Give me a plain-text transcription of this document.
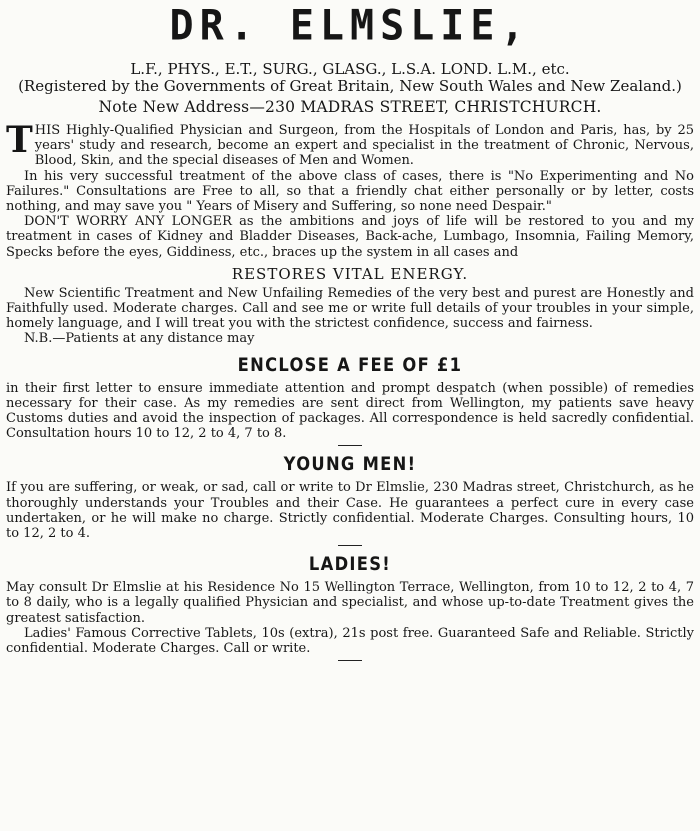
DR. ELMSLIE,
L.F., PHYS., E.T., SURG., GLASG., L.S.A. LOND. L.M., etc.
(Registered by the Governments of Great Britain, New South Wales and New Zealand.)
Note New Address—230 MADRAS STREET, CHRISTCHURCH.

THIS Highly-Qualified Physician and Surgeon, from the Hospitals of London and Paris, has, by 25 years' study and research, become an expert and specialist in the treatment of Chronic, Nervous, Blood, Skin, and the special diseases of Men and Women.

In his very successful treatment of the above class of cases, there is "No Experimenting and No Failures." Consultations are Free to all, so that a friendly chat either personally or by letter, costs nothing, and may save you " Years of Misery and Suffering, so none need Despair."

DON'T WORRY ANY LONGER as the ambitions and joys of life will be restored to you and my treatment in cases of Kidney and Bladder Diseases, Back-ache, Lumbago, Insomnia, Failing Memory, Specks before the eyes, Giddiness, etc., braces up the system in all cases and

RESTORES VITAL ENERGY.

New Scientific Treatment and New Unfailing Remedies of the very best and purest are Honestly and Faithfully used. Moderate charges. Call and see me or write full details of your troubles in your simple, homely language, and I will treat you with the strictest confidence, success and fairness.

N.B.—Patients at any distance may

ENCLOSE A FEE OF £1

in their first letter to ensure immediate attention and prompt despatch (when possible) of remedies necessary for their case. As my remedies are sent direct from Wellington, my patients save heavy Customs duties and avoid the inspection of packages. All correspondence is held sacredly confidential. Consultation hours 10 to 12, 2 to 4, 7 to 8.

YOUNG MEN!

If you are suffering, or weak, or sad, call or write to Dr Elmslie, 230 Madras street, Christchurch, as he thoroughly understands your Troubles and their Case. He guarantees a perfect cure in every case undertaken, or he will make no charge. Strictly confidential. Moderate Charges. Consulting hours, 10 to 12, 2 to 4.

LADIES!

May consult Dr Elmslie at his Residence No 15 Wellington Terrace, Wellington, from 10 to 12, 2 to 4, 7 to 8 daily, who is a legally qualified Physician and specialist, and whose up-to-date Treatment gives the greatest satisfaction.

Ladies' Famous Corrective Tablets, 10s (extra), 21s post free. Guaranteed Safe and Reliable. Strictly confidential. Moderate Charges. Call or write.
